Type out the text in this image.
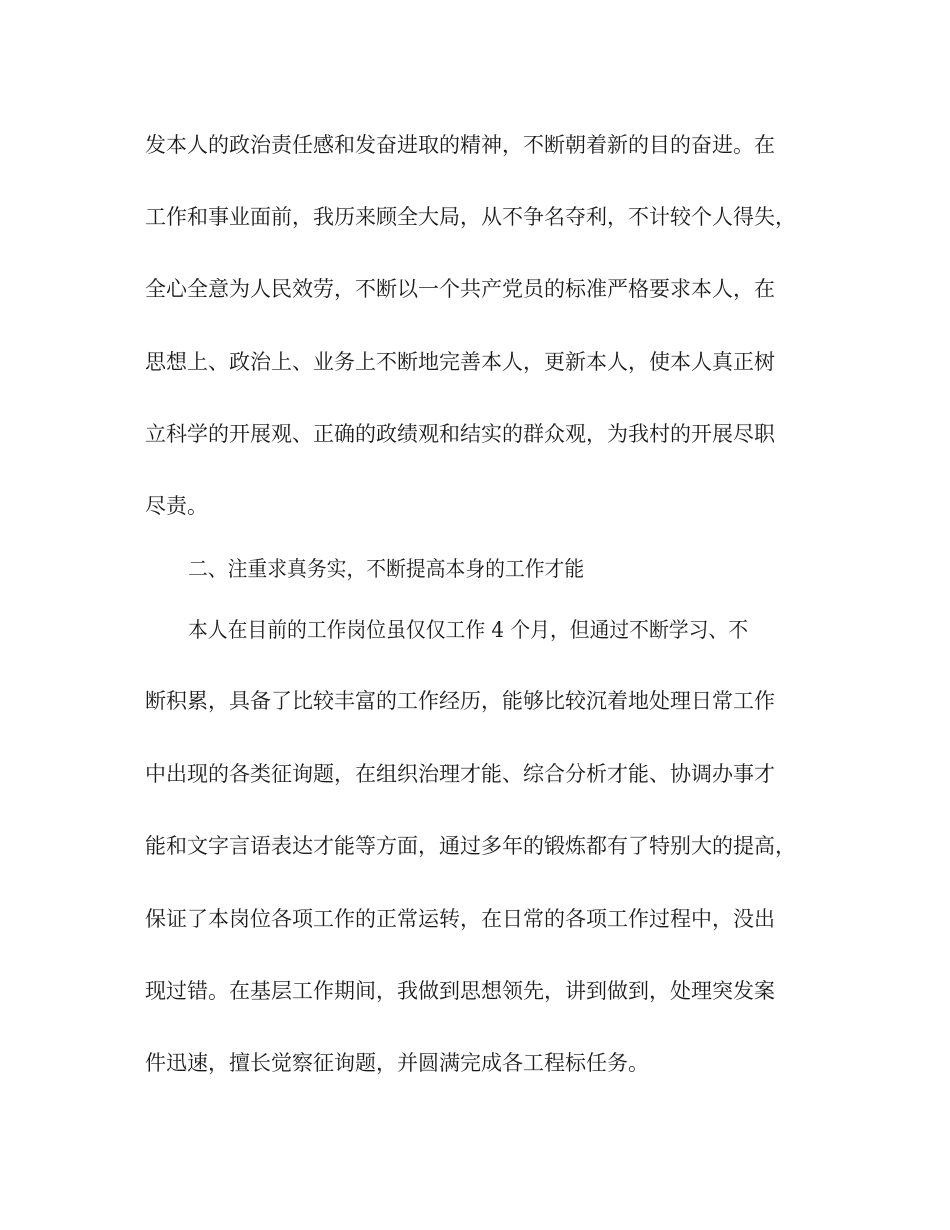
发本人的政治责任感和发奋进取的精神，不断朝着新的目的奋进。在
工作和事业面前，我历来顾全大局，从不争名夺利，不计较个人得失，
全心全意为人民效劳，不断以一个共产党员的标准严格要求本人，在
思想上、政治上、业务上不断地完善本人，更新本人，使本人真正树
立科学的开展观、正确的政绩观和结实的群众观，为我村的开展尽职
尽责。
二、注重求真务实，不断提高本身的工作才能
本人在目前的工作岗位虽仅仅工作 4 个月，但通过不断学习、不
断积累，具备了比较丰富的工作经历，能够比较沉着地处理日常工作
中出现的各类征询题，在组织治理才能、综合分析才能、协调办事才
能和文字言语表达才能等方面，通过多年的锻炼都有了特别大的提高，
保证了本岗位各项工作的正常运转，在日常的各项工作过程中，没出
现过错。在基层工作期间，我做到思想领先，讲到做到，处理突发案
件迅速，擅长觉察征询题，并圆满完成各工程标任务。
